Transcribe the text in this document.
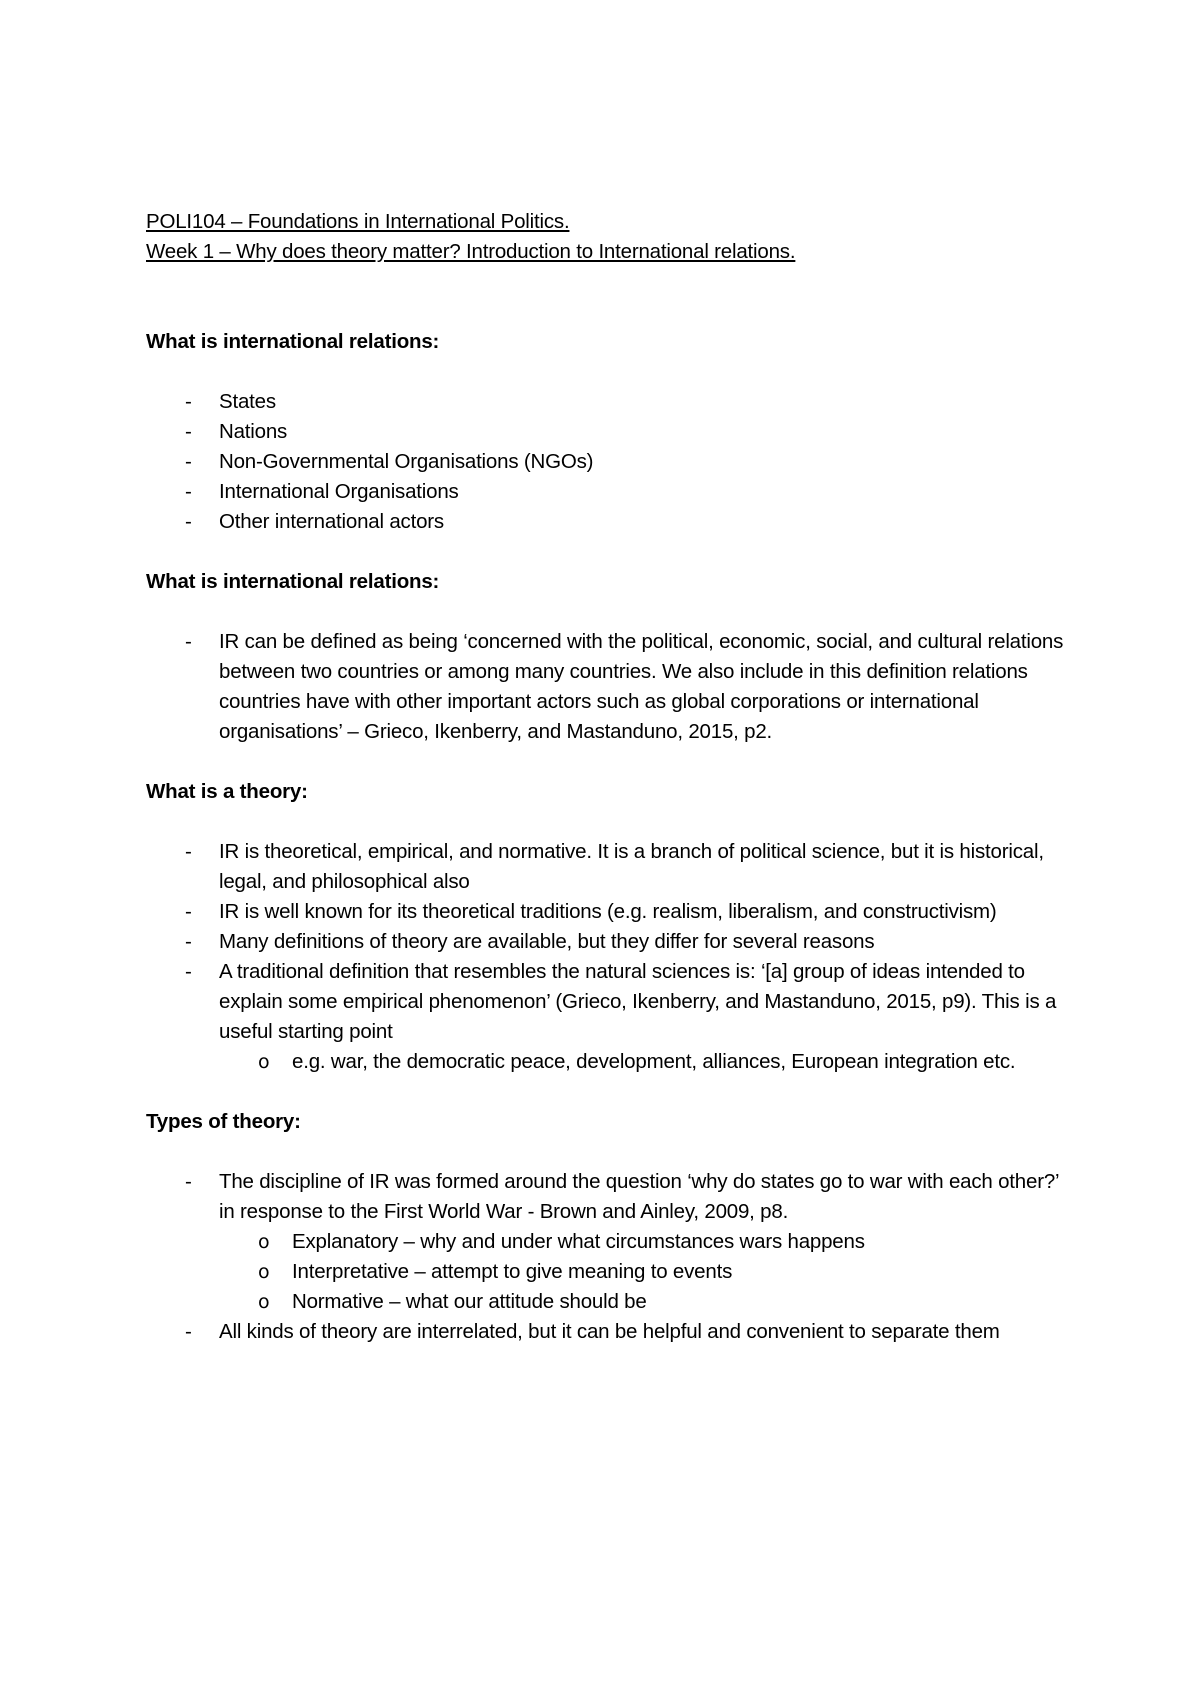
POLI104 – Foundations in International Politics.
Week 1 – Why does theory matter? Introduction to International relations.
What is international relations:
- States
- Nations
- Non-Governmental Organisations (NGOs)
- International Organisations
- Other international actors
What is international relations:
- IR can be defined as being ‘concerned with the political, economic, social, and cultural relations between two countries or among many countries. We also include in this definition relations countries have with other important actors such as global corporations or international organisations’ – Grieco, Ikenberry, and Mastanduno, 2015, p2.
What is a theory:
- IR is theoretical, empirical, and normative. It is a branch of political science, but it is historical, legal, and philosophical also
- IR is well known for its theoretical traditions (e.g. realism, liberalism, and constructivism)
- Many definitions of theory are available, but they differ for several reasons
- A traditional definition that resembles the natural sciences is: ‘[a] group of ideas intended to explain some empirical phenomenon’ (Grieco, Ikenberry, and Mastanduno, 2015, p9). This is a useful starting point
o e.g. war, the democratic peace, development, alliances, European integration etc.
Types of theory:
- The discipline of IR was formed around the question ‘why do states go to war with each other?’ in response to the First World War - Brown and Ainley, 2009, p8.
o Explanatory – why and under what circumstances wars happens
o Interpretative – attempt to give meaning to events
o Normative – what our attitude should be
- All kinds of theory are interrelated, but it can be helpful and convenient to separate them
